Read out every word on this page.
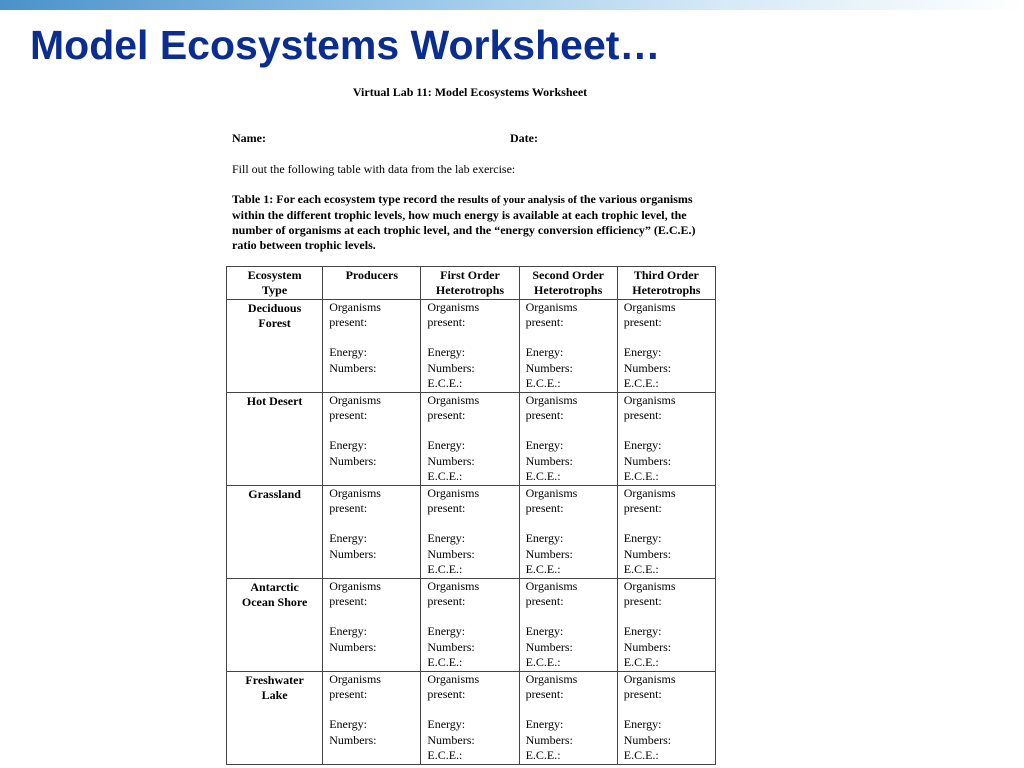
Model Ecosystems Worksheet…
Virtual Lab 11: Model Ecosystems Worksheet
Name:	Date:
Fill out the following table with data from the lab exercise:
Table 1: For each ecosystem type record the results of your analysis of the various organisms within the different trophic levels, how much energy is available at each trophic level, the number of organisms at each trophic level, and the “energy conversion efficiency” (E.C.E.) ratio between trophic levels.
Ecosystem
Type	Producers	First Order
Heterotrophs	Second Order
Heterotrophs	Third Order
Heterotrophs

Deciduous
Forest	Organisms
present:
Energy:
Numbers:	Organisms
present:
Energy:
Numbers:
E.C.E.:	Organisms
present:
Energy:
Numbers:
E.C.E.:	Organisms
present:
Energy:
Numbers:
E.C.E.:

Hot Desert	Organisms
present:
Energy:
Numbers:	Organisms
present:
Energy:
Numbers:
E.C.E.:	Organisms
present:
Energy:
Numbers:
E.C.E.:	Organisms
present:
Energy:
Numbers:
E.C.E.:

Grassland	Organisms
present:
Energy:
Numbers:	Organisms
present:
Energy:
Numbers:
E.C.E.:	Organisms
present:
Energy:
Numbers:
E.C.E.:	Organisms
present:
Energy:
Numbers:
E.C.E.:

Antarctic
Ocean Shore	Organisms
present:
Energy:
Numbers:	Organisms
present:
Energy:
Numbers:
E.C.E.:	Organisms
present:
Energy:
Numbers:
E.C.E.:	Organisms
present:
Energy:
Numbers:
E.C.E.:

Freshwater
Lake	Organisms
present:
Energy:
Numbers:	Organisms
present:
Energy:
Numbers:
E.C.E.:	Organisms
present:
Energy:
Numbers:
E.C.E.:	Organisms
present:
Energy:
Numbers:
E.C.E.:
